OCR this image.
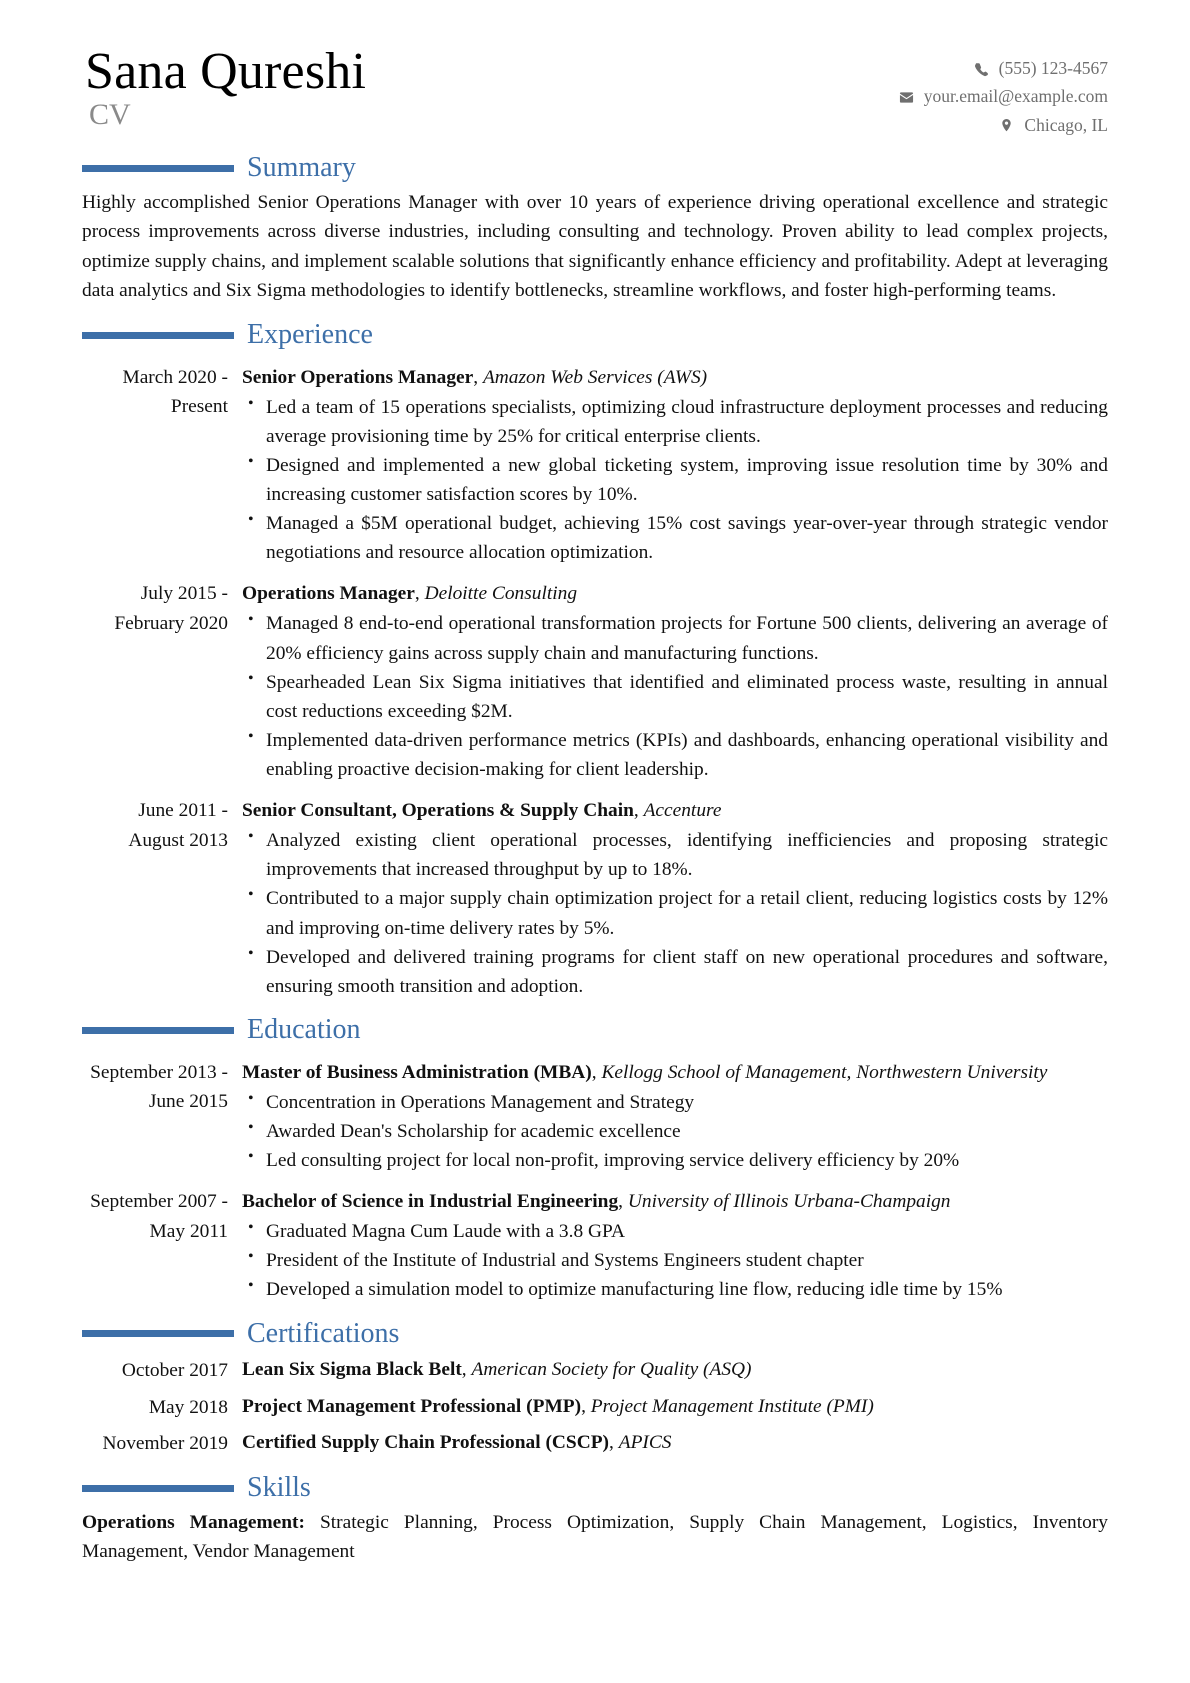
Sana Qureshi
CV
(555) 123-4567
your.email@example.com
Chicago, IL
Summary

Highly accomplished Senior Operations Manager with over 10 years of experience driving operational excellence and strategic process improvements across diverse industries, including consulting and technology. Proven ability to lead complex projects, optimize supply chains, and implement scalable solutions that significantly enhance efficiency and profitability. Adept at leveraging data analytics and Six Sigma methodologies to identify bottlenecks, streamline workflows, and foster high-performing teams.

Experience
March 2020 - Present
Senior Operations Manager, Amazon Web Services (AWS)
• Led a team of 15 operations specialists, optimizing cloud infrastructure deployment processes and reducing average provisioning time by 25% for critical enterprise clients.
• Designed and implemented a new global ticketing system, improving issue resolution time by 30% and increasing customer satisfaction scores by 10%.
• Managed a $5M operational budget, achieving 15% cost savings year-over-year through strategic vendor negotiations and resource allocation optimization.
July 2015 - February 2020
Operations Manager, Deloitte Consulting
• Managed 8 end-to-end operational transformation projects for Fortune 500 clients, delivering an average of 20% efficiency gains across supply chain and manufacturing functions.
• Spearheaded Lean Six Sigma initiatives that identified and eliminated process waste, resulting in annual cost reductions exceeding $2M.
• Implemented data-driven performance metrics (KPIs) and dashboards, enhancing operational visibility and enabling proactive decision-making for client leadership.
June 2011 - August 2013
Senior Consultant, Operations & Supply Chain, Accenture
• Analyzed existing client operational processes, identifying inefficiencies and proposing strategic improvements that increased throughput by up to 18%.
• Contributed to a major supply chain optimization project for a retail client, reducing logistics costs by 12% and improving on-time delivery rates by 5%.
• Developed and delivered training programs for client staff on new operational procedures and software, ensuring smooth transition and adoption.
Education
September 2013 - June 2015
Master of Business Administration (MBA), Kellogg School of Management, Northwestern University
• Concentration in Operations Management and Strategy
• Awarded Dean's Scholarship for academic excellence
• Led consulting project for local non-profit, improving service delivery efficiency by 20%
September 2007 - May 2011
Bachelor of Science in Industrial Engineering, University of Illinois Urbana-Champaign
• Graduated Magna Cum Laude with a 3.8 GPA
• President of the Institute of Industrial and Systems Engineers student chapter
• Developed a simulation model to optimize manufacturing line flow, reducing idle time by 15%
Certifications
October 2017 Lean Six Sigma Black Belt, American Society for Quality (ASQ)
May 2018 Project Management Professional (PMP), Project Management Institute (PMI)
November 2019 Certified Supply Chain Professional (CSCP), APICS
Skills
Operations Management: Strategic Planning, Process Optimization, Supply Chain Management, Logistics, Inventory Management, Vendor Management
